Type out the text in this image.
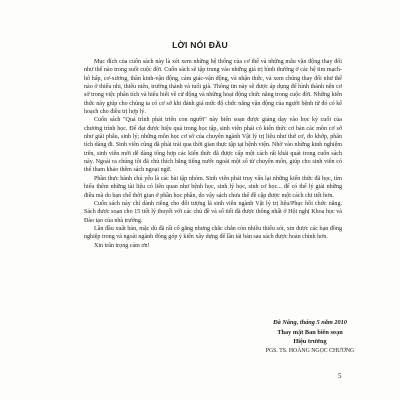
LỜI NÓI ĐẦU

Mục đích của cuốn sách này là xét xem những hệ thống của cơ thể và những mẫu vận động thay đổi như thế nào trong suốt cuộc đời. Cuốn sách sẽ tập trung vào những giá trị bình thường ở các hệ tim mạch-hô hấp, cơ-xương, thần kinh-vận động, cảm giác-vận động, và nhận thức, và xem chúng thay đổi như thế nào ở thiếu nhi, thiếu niên, trưởng thành và tuổi già. Thông tin này sẽ được áp dụng để hình thành nên cơ sở trong việc phân tích và hiểu biết về cử động và những hoạt động chức năng trong cuộc đời. Những kiến thức này giúp cho chúng ta có cơ sở khi đánh giá mức độ chức năng vận động của người bệnh từ đó có kế hoạch cho điều trị hợp lý.

Cuốn sách "Quá trình phát triển con người" này biên soạn được giảng dạy vào học kỳ cuối của chương trình học. Để đạt được hiệu quả trong học tập, sinh viên phải có kiến thức cơ bản các môn cơ sở như giải phẫu, sinh lý; những môn học cơ sở của chuyên ngành Vật lý trị liệu như thử cơ, đo khớp, phân tích dáng đi. Sinh viên cũng đã phải trải qua thời gian thực tập tại bệnh viện. Nhờ vào những kinh nghiệm trên, sinh viên mới dễ dàng tổng hợp các kiến thức đã được cấp một cách rất khái quát trong cuốn sách này. Ngoài ra chúng tôi đã chủ thích bằng tiếng nước ngoài một số từ chuyên môn, giúp cho sinh viên có thể tham khảo thêm sách ngoại ngữ.

Phần thực hành chủ yếu là các bài tập nhóm. Sinh viên phải truy vấn lại những kiến thức đã học, tìm hiểu thêm những tài liệu có liên quan như bệnh học, sinh lý học, sinh cơ học... để có thể lý giải những điều mà do bạn chế thời gian ở phần học phần, do vậy sách chưa thể đề cập được một cách chi tiết hơn.

Cuốn sách này chỉ dành riêng cho đối tượng là sinh viên ngành Vật lý trị liệu/Phục hồi chức năng. Sách được soạn cho 15 tiết lý thuyết với các chủ đề và số tiết đã được thông nhất ở Hội nghị Khoa học và Đào tạo của nhà trường.

Lần đầu xuất bản, mặc dù đã rất cố gắng nhưng chắc chắn còn nhiều thiếu sót, xin được các bạn đồng nghiệp trong và ngoài ngành đóng góp ý kiến xây dựng để lần tái bản sau sách được hoàn chỉnh hơn.

Xin trân trọng cảm ơn!

Đà Nẵng, tháng 5 năm 2010
Thay mặt Ban biên soạn
Hiệu trưởng
PGS. TS. HOÀNG NGỌC CHƯƠNG
5
